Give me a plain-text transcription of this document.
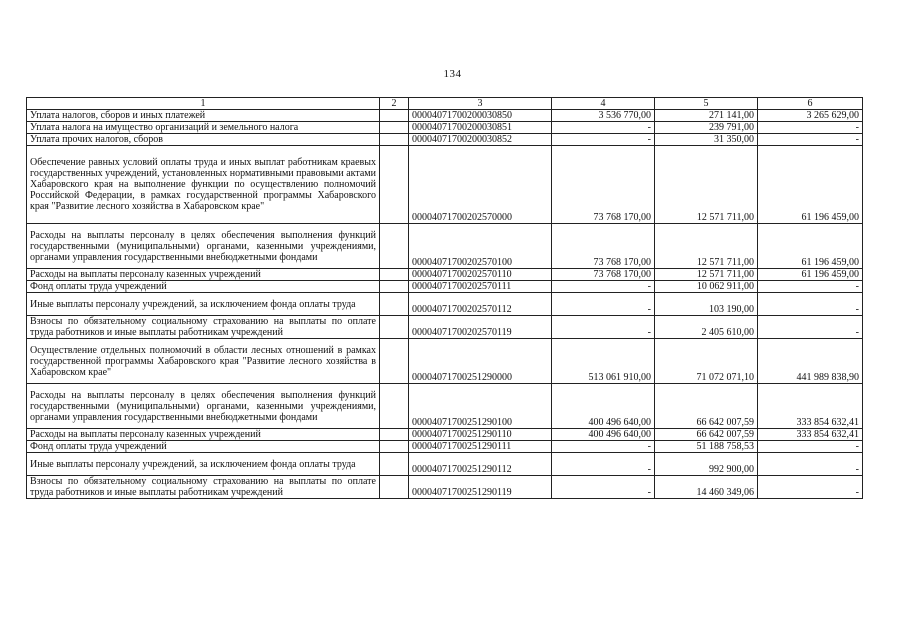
134
1	2	3	4	5	6
Уплата налогов, сборов и иных платежей		00004071700200030850	3 536 770,00	271 141,00	3 265 629,00
Уплата налога на имущество организаций и земельного налога		00004071700200030851	-	239 791,00	-
Уплата прочих налогов, сборов		00004071700200030852	-	31 350,00	-
Обеспечение равных условий оплаты труда и иных выплат работникам краевых государственных учреждений, установленных нормативными правовыми актами Хабаровского края на выполнение функции по осуществлению полномочий Российской Федерации, в рамках государственной программы Хабаровского края "Развитие лесного хозяйства в Хабаровском крае"		00004071700202570000	73 768 170,00	12 571 711,00	61 196 459,00
Расходы на выплаты персоналу в целях обеспечения выполнения функций государственными (муниципальными) органами, казенными учреждениями, органами управления государственными внебюджетными фондами		00004071700202570100	73 768 170,00	12 571 711,00	61 196 459,00
Расходы на выплаты персоналу казенных учреждений		00004071700202570110	73 768 170,00	12 571 711,00	61 196 459,00
Фонд оплаты труда учреждений		00004071700202570111	-	10 062 911,00	-
Иные выплаты персоналу учреждений, за исключением фонда оплаты труда		00004071700202570112	-	103 190,00	-
Взносы по обязательному социальному страхованию на выплаты по оплате труда работников и иные выплаты работникам учреждений		00004071700202570119	-	2 405 610,00	-
Осуществление отдельных полномочий в области лесных отношений в рамках государственной программы Хабаровского края "Развитие лесного хозяйства в Хабаровском крае"		00004071700251290000	513 061 910,00	71 072 071,10	441 989 838,90
Расходы на выплаты персоналу в целях обеспечения выполнения функций государственными (муниципальными) органами, казенными учреждениями, органами управления государственными внебюджетными фондами		00004071700251290100	400 496 640,00	66 642 007,59	333 854 632,41
Расходы на выплаты персоналу казенных учреждений		00004071700251290110	400 496 640,00	66 642 007,59	333 854 632,41
Фонд оплаты труда учреждений		00004071700251290111	-	51 188 758,53	-
Иные выплаты персоналу учреждений, за исключением фонда оплаты труда		00004071700251290112	-	992 900,00	-
Взносы по обязательному социальному страхованию на выплаты по оплате труда работников и иные выплаты работникам учреждений		00004071700251290119	-	14 460 349,06	-
